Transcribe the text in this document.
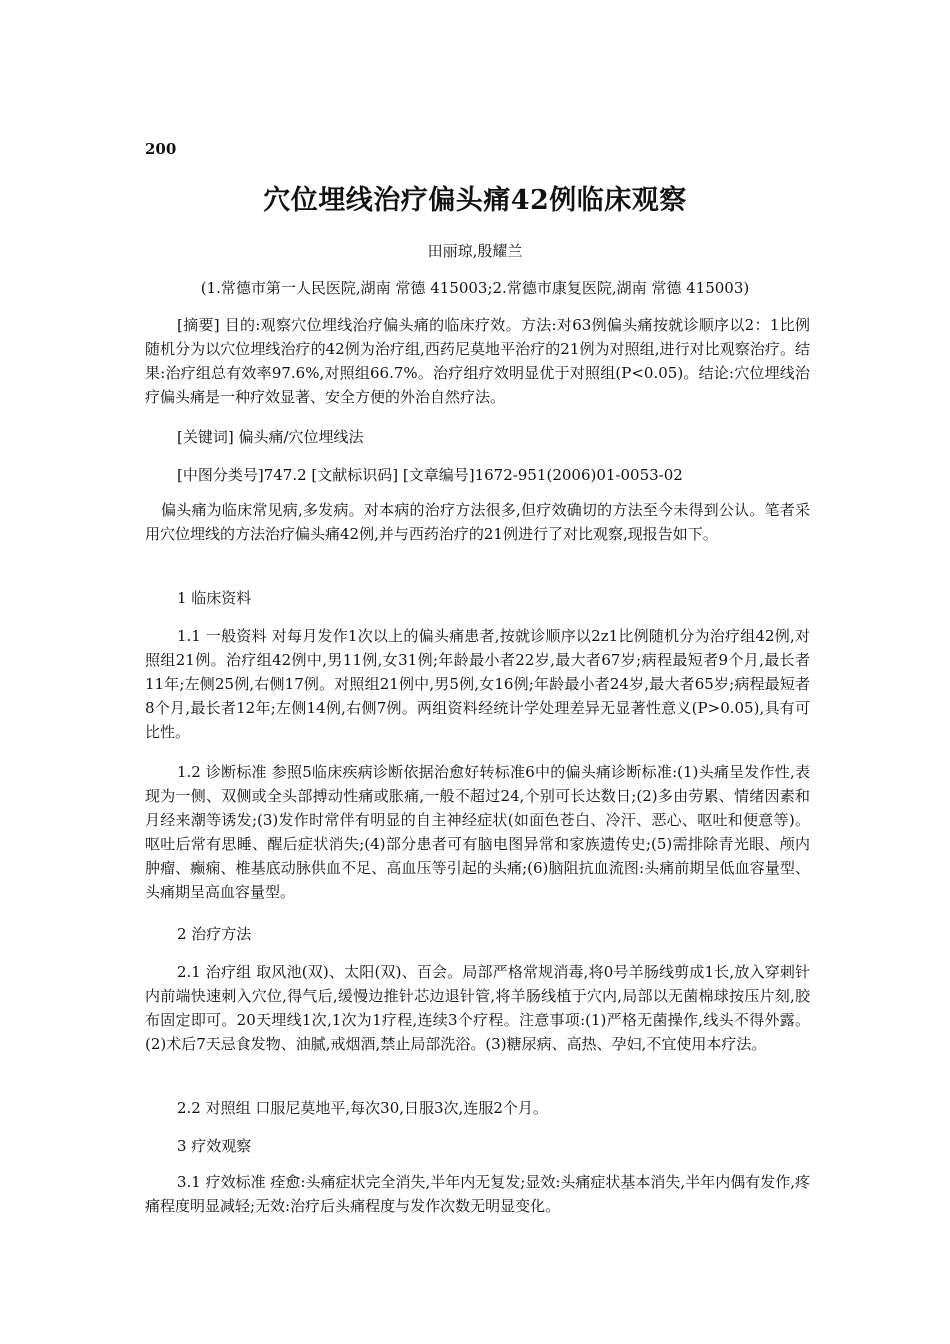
200
穴位埋线治疗偏头痛42例临床观察
田丽琼,殷耀兰
(1.常德市第一人民医院,湖南 常德 415003;2.常德市康复医院,湖南 常德 415003)
[摘要] 目的:观察穴位埋线治疗偏头痛的临床疗效。方法:对63例偏头痛按就诊顺序以2：1比例随机分为以穴位埋线治疗的42例为治疗组,西药尼莫地平治疗的21例为对照组,进行对比观察治疗。结果:治疗组总有效率97.6%,对照组66.7%。治疗组疗效明显优于对照组(P<0.05)。结论:穴位埋线治疗偏头痛是一种疗效显著、安全方便的外治自然疗法。
[关键词] 偏头痛/穴位埋线法
[中图分类号]747.2 [文献标识码] [文章编号]1672-951(2006)01-0053-02
偏头痛为临床常见病,多发病。对本病的治疗方法很多,但疗效确切的方法至今未得到公认。笔者采用穴位埋线的方法治疗偏头痛42例,并与西药治疗的21例进行了对比观察,现报告如下。
1 临床资料
1.1 一般资料 对每月发作1次以上的偏头痛患者,按就诊顺序以2z1比例随机分为治疗组42例,对照组21例。治疗组42例中,男11例,女31例;年龄最小者22岁,最大者67岁;病程最短者9个月,最长者11年;左侧25例,右侧17例。对照组21例中,男5例,女16例;年龄最小者24岁,最大者65岁;病程最短者8个月,最长者12年;左侧14例,右侧7例。两组资料经统计学处理差异无显著性意义(P>0.05),具有可比性。
1.2 诊断标准 参照5临床疾病诊断依据治愈好转标准6中的偏头痛诊断标准:(1)头痛呈发作性,表现为一侧、双侧或全头部搏动性痛或胀痛,一般不超过24,个别可长达数日;(2)多由劳累、情绪因素和月经来潮等诱发;(3)发作时常伴有明显的自主神经症状(如面色苍白、冷汗、恶心、呕吐和便意等)。呕吐后常有思睡、醒后症状消失;(4)部分患者可有脑电图异常和家族遗传史;(5)需排除青光眼、颅内肿瘤、癫痫、椎基底动脉供血不足、高血压等引起的头痛;(6)脑阻抗血流图:头痛前期呈低血容量型、头痛期呈高血容量型。
2 治疗方法
2.1 治疗组 取风池(双)、太阳(双)、百会。局部严格常规消毒,将0号羊肠线剪成1长,放入穿刺针内前端快速刺入穴位,得气后,缓慢边推针芯边退针管,将羊肠线植于穴内,局部以无菌棉球按压片刻,胶布固定即可。20天埋线1次,1次为1疗程,连续3个疗程。注意事项:(1)严格无菌操作,线头不得外露。(2)术后7天忌食发物、油腻,戒烟酒,禁止局部洗浴。(3)糖尿病、高热、孕妇,不宜使用本疗法。
2.2 对照组 口服尼莫地平,每次30,日服3次,连服2个月。
3 疗效观察
3.1 疗效标准 痊愈:头痛症状完全消失,半年内无复发;显效:头痛症状基本消失,半年内偶有发作,疼痛程度明显减轻;无效:治疗后头痛程度与发作次数无明显变化。
